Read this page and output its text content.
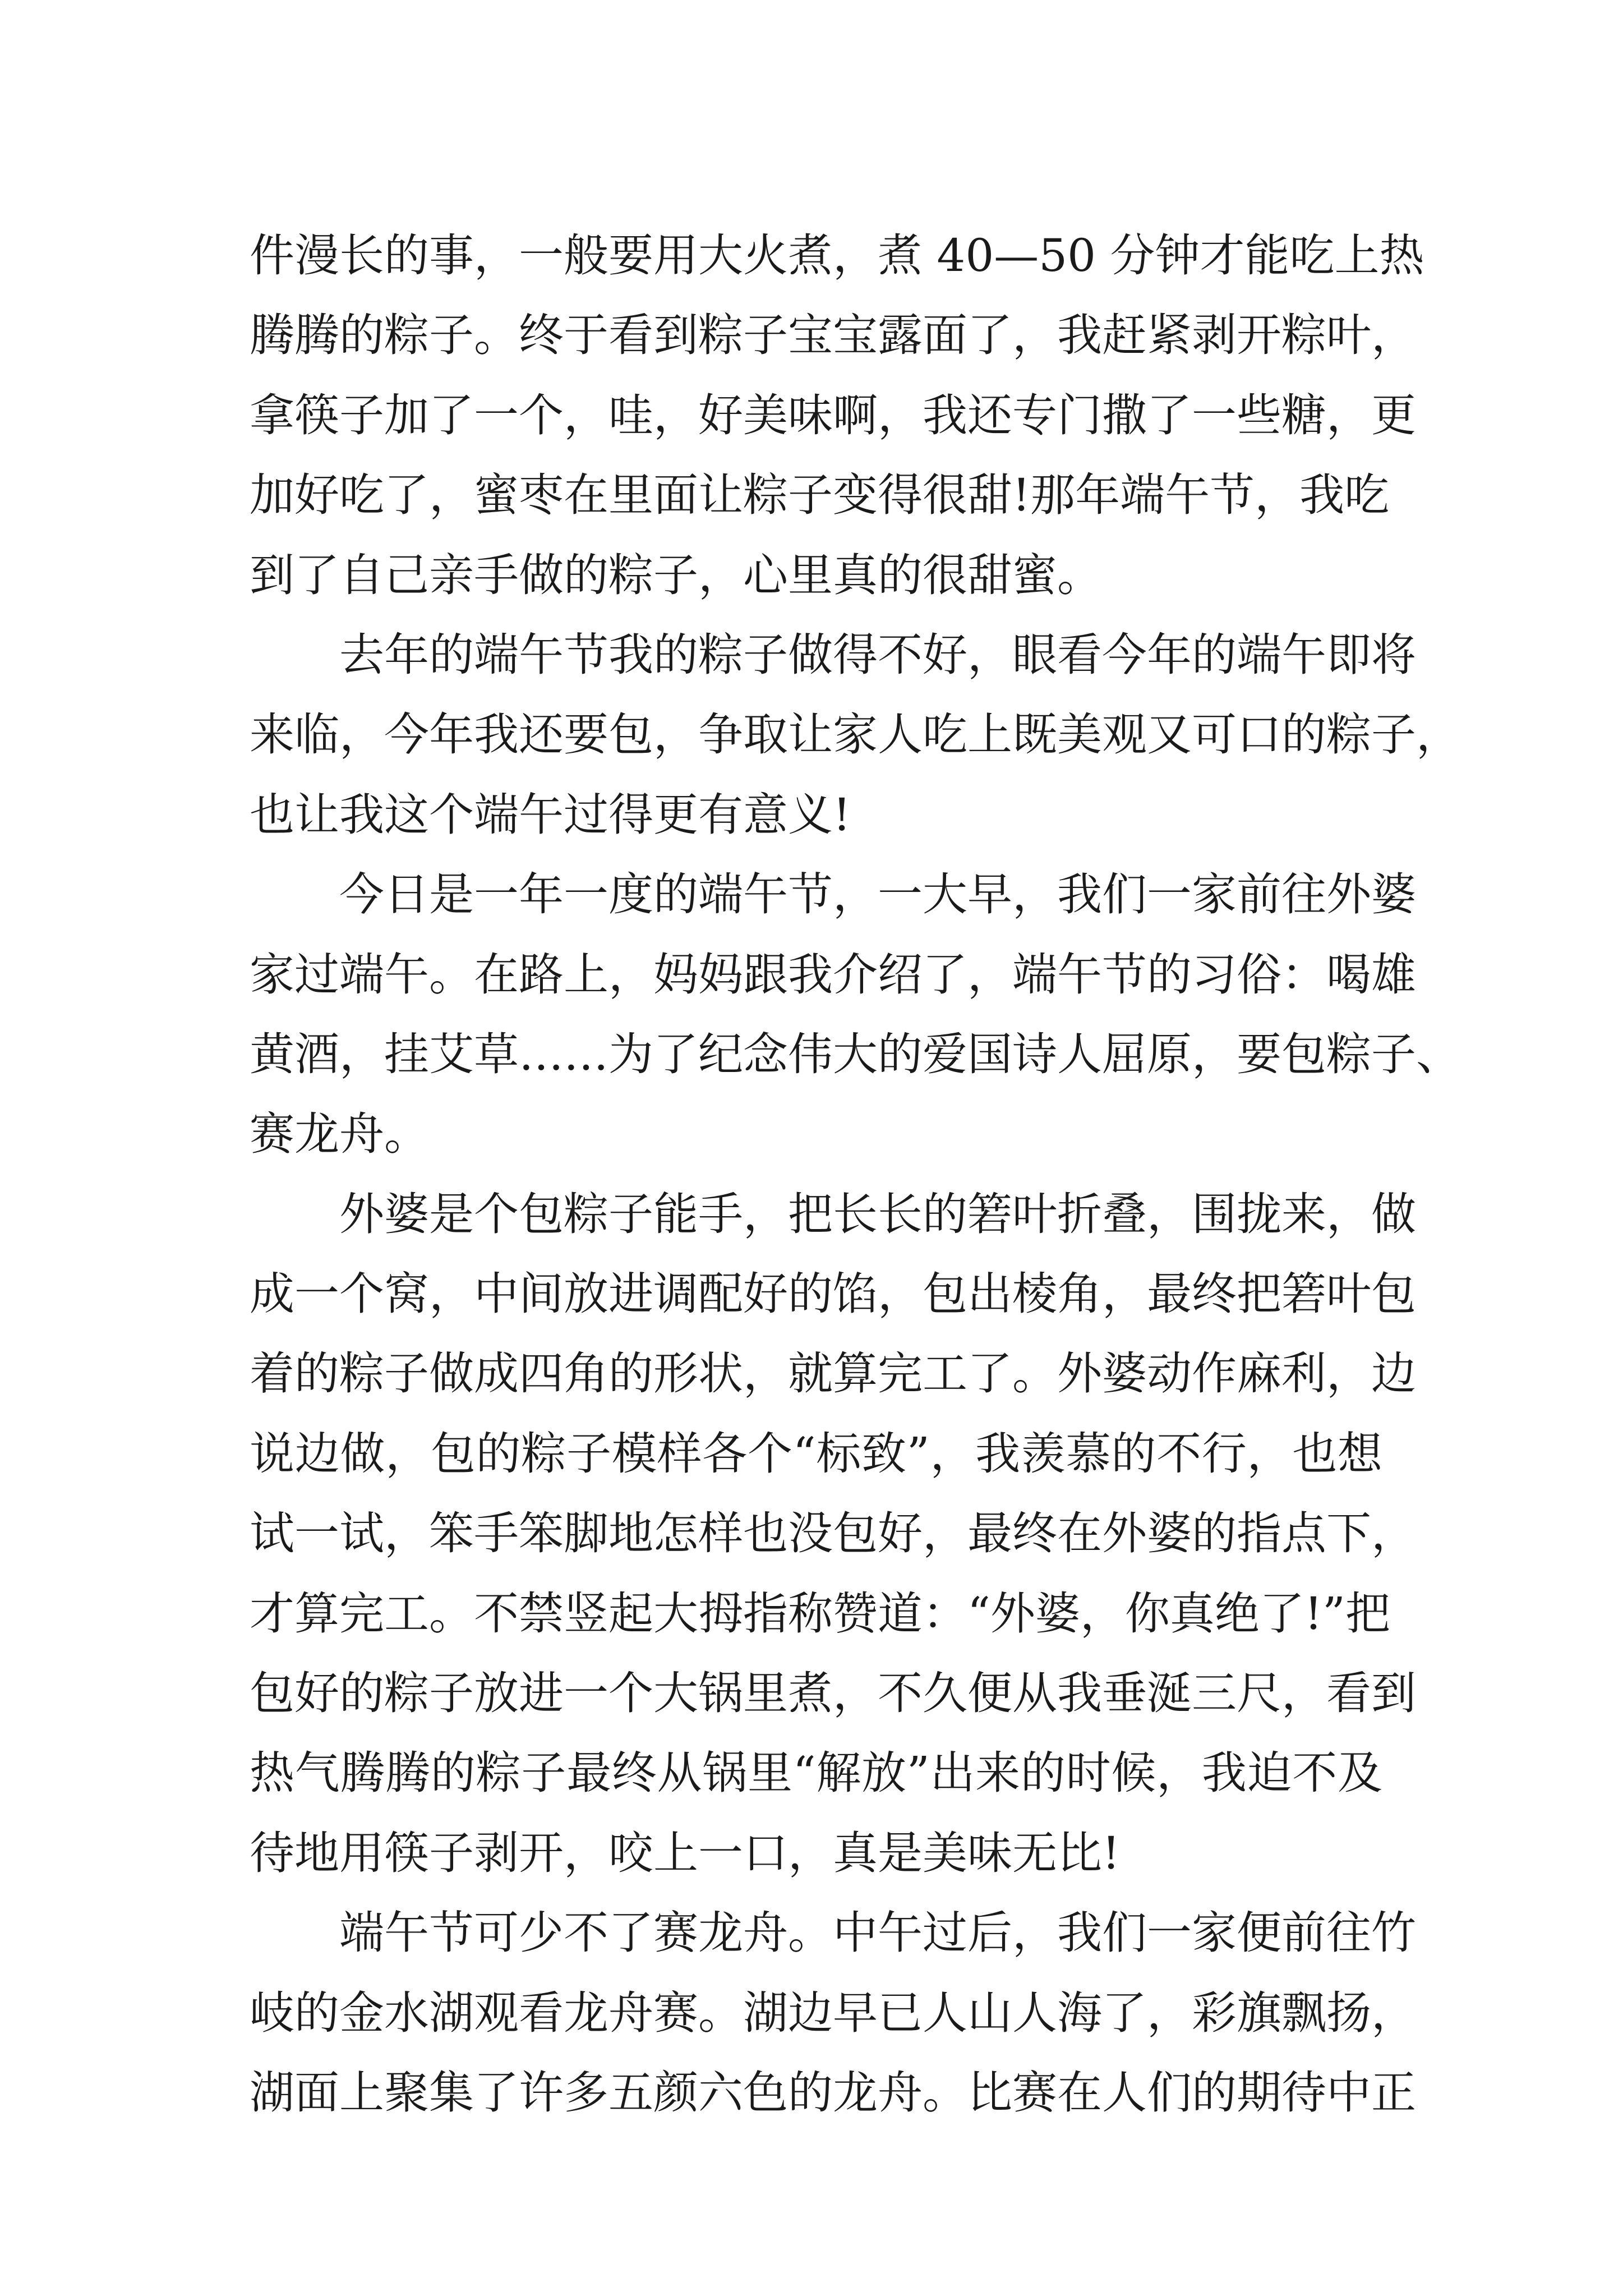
件漫长的事，一般要用大火煮，煮 40—50 分钟才能吃上热
腾腾的粽子。终于看到粽子宝宝露面了，我赶紧剥开粽叶，
拿筷子加了一个，哇，好美味啊，我还专门撒了一些糖，更
加好吃了，蜜枣在里面让粽子变得很甜!那年端午节，我吃
到了自己亲手做的粽子，心里真的很甜蜜。
去年的端午节我的粽子做得不好，眼看今年的端午即将
来临，今年我还要包，争取让家人吃上既美观又可口的粽子，
也让我这个端午过得更有意义!
今日是一年一度的端午节，一大早，我们一家前往外婆
家过端午。在路上，妈妈跟我介绍了，端午节的习俗：喝雄
黄酒，挂艾草……为了纪念伟大的爱国诗人屈原，要包粽子、
赛龙舟。
外婆是个包粽子能手，把长长的箬叶折叠，围拢来，做
成一个窝，中间放进调配好的馅，包出棱角，最终把箬叶包
着的粽子做成四角的形状，就算完工了。外婆动作麻利，边
说边做，包的粽子模样各个“标致”，我羡慕的不行，也想
试一试，笨手笨脚地怎样也没包好，最终在外婆的指点下，
才算完工。不禁竖起大拇指称赞道：“外婆，你真绝了!”把
包好的粽子放进一个大锅里煮，不久便从我垂涎三尺，看到
热气腾腾的粽子最终从锅里“解放”出来的时候，我迫不及
待地用筷子剥开，咬上一口，真是美味无比!
端午节可少不了赛龙舟。中午过后，我们一家便前往竹
岐的金水湖观看龙舟赛。湖边早已人山人海了，彩旗飘扬，
湖面上聚集了许多五颜六色的龙舟。比赛在人们的期待中正
